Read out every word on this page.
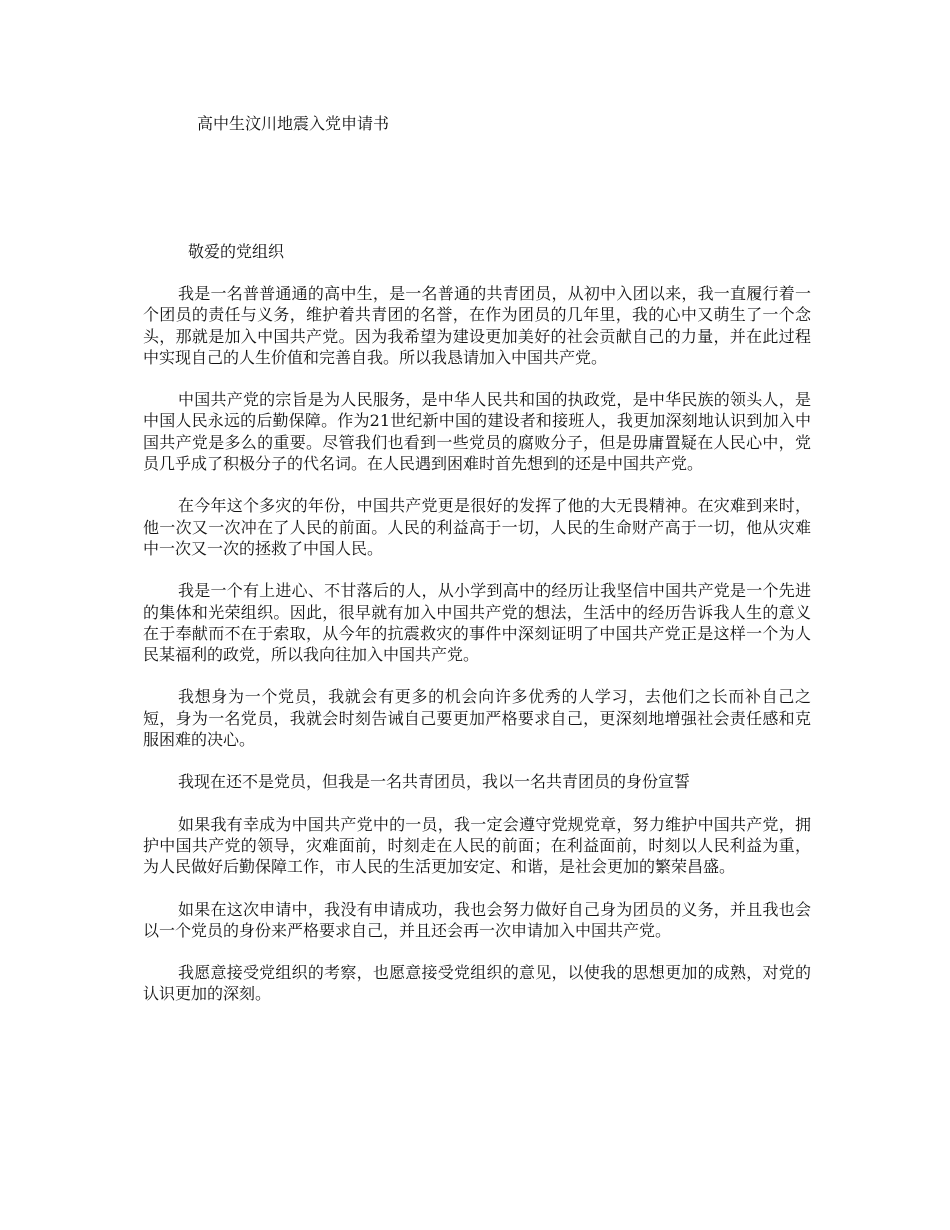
高中生汶川地震入党申请书
敬爱的党组织

我是一名普普通通的高中生，是一名普通的共青团员，从初中入团以来，我一直履行着一个团员的责任与义务，维护着共青团的名誉，在作为团员的几年里，我的心中又萌生了一个念头，那就是加入中国共产党。因为我希望为建设更加美好的社会贡献自己的力量，并在此过程中实现自己的人生价值和完善自我。所以我恳请加入中国共产党。

中国共产党的宗旨是为人民服务，是中华人民共和国的执政党，是中华民族的领头人，是中国人民永远的后勤保障。作为21世纪新中国的建设者和接班人，我更加深刻地认识到加入中国共产党是多么的重要。尽管我们也看到一些党员的腐败分子，但是毋庸置疑在人民心中，党员几乎成了积极分子的代名词。在人民遇到困难时首先想到的还是中国共产党。

在今年这个多灾的年份，中国共产党更是很好的发挥了他的大无畏精神。在灾难到来时，他一次又一次冲在了人民的前面。人民的利益高于一切，人民的生命财产高于一切，他从灾难中一次又一次的拯救了中国人民。

我是一个有上进心、不甘落后的人，从小学到高中的经历让我坚信中国共产党是一个先进的集体和光荣组织。因此，很早就有加入中国共产党的想法，生活中的经历告诉我人生的意义在于奉献而不在于索取，从今年的抗震救灾的事件中深刻证明了中国共产党正是这样一个为人民某福利的政党，所以我向往加入中国共产党。

我想身为一个党员，我就会有更多的机会向许多优秀的人学习，去他们之长而补自己之短，身为一名党员，我就会时刻告诫自己要更加严格要求自己，更深刻地增强社会责任感和克服困难的决心。

我现在还不是党员，但我是一名共青团员，我以一名共青团员的身份宣誓

如果我有幸成为中国共产党中的一员，我一定会遵守党规党章，努力维护中国共产党，拥护中国共产党的领导，灾难面前，时刻走在人民的前面；在利益面前，时刻以人民利益为重，为人民做好后勤保障工作，市人民的生活更加安定、和谐，是社会更加的繁荣昌盛。

如果在这次申请中，我没有申请成功，我也会努力做好自己身为团员的义务，并且我也会以一个党员的身份来严格要求自己，并且还会再一次申请加入中国共产党。

我愿意接受党组织的考察，也愿意接受党组织的意见，以使我的思想更加的成熟，对党的认识更加的深刻。
